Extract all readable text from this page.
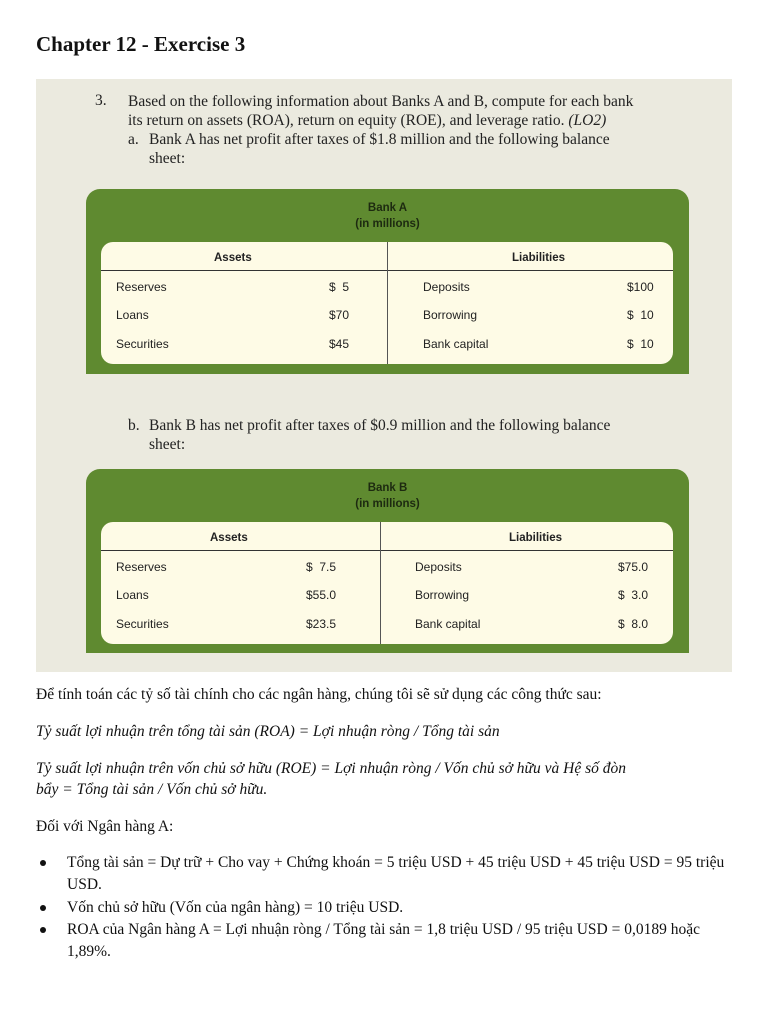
Chapter 12 - Exercise 3
3. Based on the following information about Banks A and B, compute for each bank
its return on assets (ROA), return on equity (ROE), and leverage ratio. (LO2)
a. Bank A has net profit after taxes of $1.8 million and the following balance
sheet:
Bank A
(in millions)
Assets	Liabilities
Reserves	$  5	Deposits	$100
Loans	$70	Borrowing	$  10
Securities	$45	Bank capital	$  10
b. Bank B has net profit after taxes of $0.9 million and the following balance
sheet:
Bank B
(in millions)
Assets	Liabilities
Reserves	$  7.5	Deposits	$75.0
Loans	$55.0	Borrowing	$  3.0
Securities	$23.5	Bank capital	$  8.0
Để tính toán các tỷ số tài chính cho các ngân hàng, chúng tôi sẽ sử dụng các công thức sau:
Tỷ suất lợi nhuận trên tổng tài sản (ROA) = Lợi nhuận ròng / Tổng tài sản
Tỷ suất lợi nhuận trên vốn chủ sở hữu (ROE) = Lợi nhuận ròng / Vốn chủ sở hữu và Hệ số đòn
bẩy = Tổng tài sản / Vốn chủ sở hữu.
Đối với Ngân hàng A:
Tổng tài sản = Dự trữ + Cho vay + Chứng khoán = 5 triệu USD + 45 triệu USD + 45 triệu USD = 95 triệu USD.
Vốn chủ sở hữu (Vốn của ngân hàng) = 10 triệu USD.
ROA của Ngân hàng A = Lợi nhuận ròng / Tổng tài sản = 1,8 triệu USD / 95 triệu USD = 0,0189 hoặc 1,89%.
